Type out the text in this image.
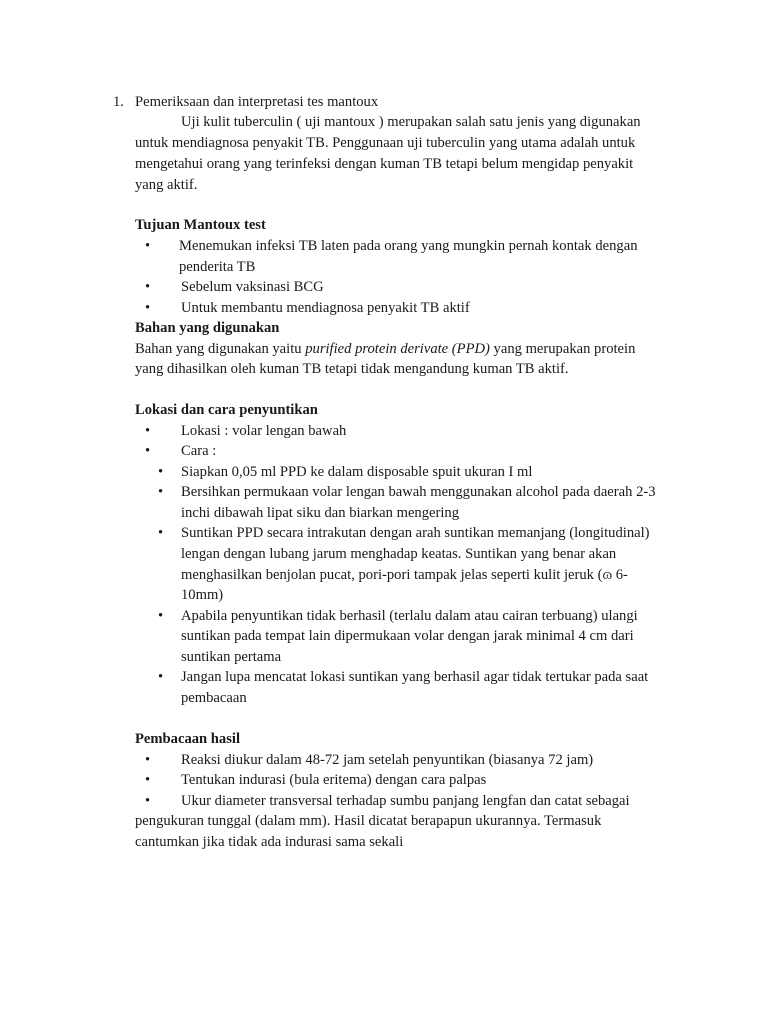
1. Pemeriksaan dan interpretasi tes mantoux
Uji kulit tuberculin ( uji mantoux ) merupakan salah satu jenis yang digunakan
untuk mendiagnosa penyakit TB. Penggunaan uji tuberculin yang utama adalah untuk
mengetahui orang yang terinfeksi dengan kuman TB tetapi belum mengidap penyakit
yang aktif.
Tujuan Mantoux test
• Menemukan infeksi TB laten pada orang yang mungkin pernah kontak dengan
penderita TB
• Sebelum vaksinasi BCG
• Untuk membantu mendiagnosa penyakit TB aktif
Bahan yang digunakan
Bahan yang digunakan yaitu purified protein derivate (PPD) yang merupakan protein
yang dihasilkan oleh kuman TB tetapi tidak mengandung kuman TB aktif.
Lokasi dan cara penyuntikan
• Lokasi : volar lengan bawah
• Cara :
• Siapkan 0,05 ml PPD ke dalam disposable spuit ukuran I ml
• Bersihkan permukaan volar lengan bawah menggunakan alcohol pada daerah 2-3
inchi dibawah lipat siku dan biarkan mengering
• Suntikan PPD secara intrakutan dengan arah suntikan memanjang (longitudinal)
lengan dengan lubang jarum menghadap keatas. Suntikan yang benar akan
menghasilkan benjolan pucat, pori-pori tampak jelas seperti kulit jeruk (ɷ 6-
10mm)
• Apabila penyuntikan tidak berhasil (terlalu dalam atau cairan terbuang) ulangi
suntikan pada tempat lain dipermukaan volar dengan jarak minimal 4 cm dari
suntikan pertama
• Jangan lupa mencatat lokasi suntikan yang berhasil agar tidak tertukar pada saat
pembacaan
Pembacaan hasil
• Reaksi diukur dalam 48-72 jam setelah penyuntikan (biasanya 72 jam)
• Tentukan indurasi (bula eritema) dengan cara palpas
• Ukur diameter transversal terhadap sumbu panjang lengfan dan catat sebagai
pengukuran tunggal (dalam mm). Hasil dicatat berapapun ukurannya. Termasuk
cantumkan jika tidak ada indurasi sama sekali
